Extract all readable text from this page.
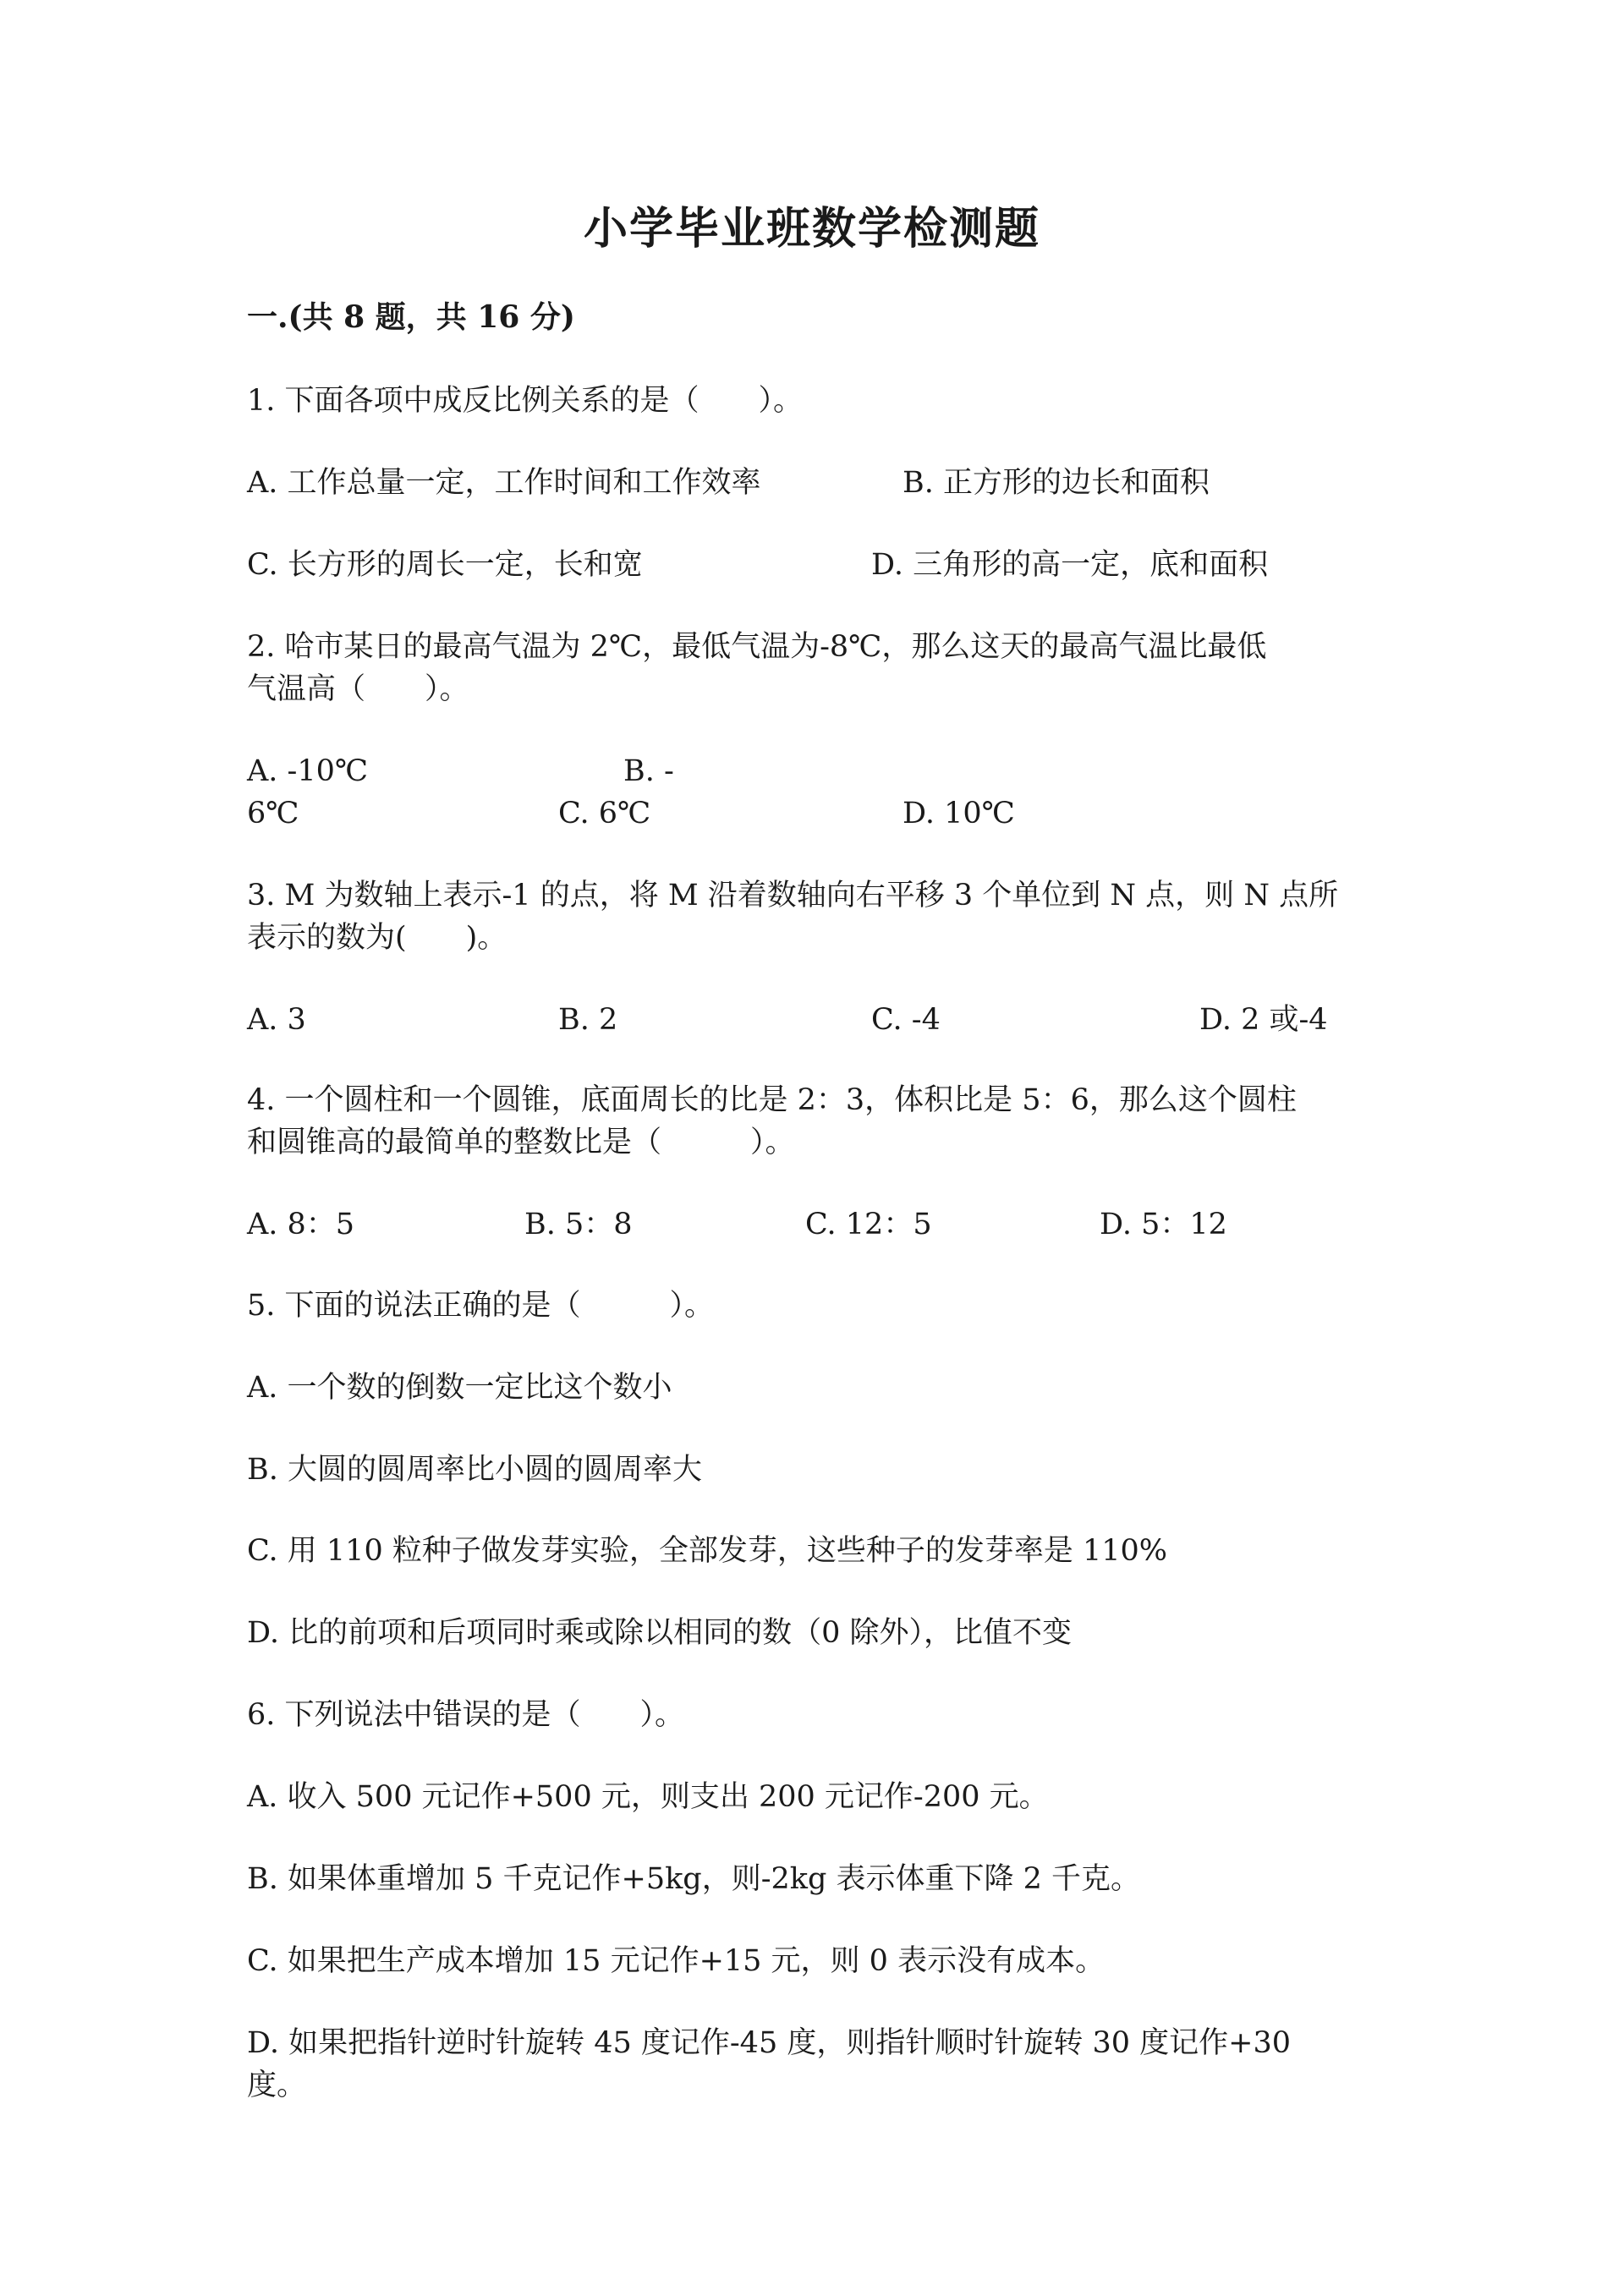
小学毕业班数学检测题
一.(共 8 题，共 16 分)
1. 下面各项中成反比例关系的是（　　）。
A. 工作总量一定，工作时间和工作效率	B. 正方形的边长和面积
C. 长方形的周长一定，长和宽	D. 三角形的高一定，底和面积
2. 哈市某日的最高气温为 2℃，最低气温为-8℃，那么这天的最高气温比最低
气温高（　　）。
A. -10℃	B. -
6℃	C. 6℃	D. 10℃
3. M 为数轴上表示-1 的点，将 M 沿着数轴向右平移 3 个单位到 N 点，则 N 点所
表示的数为(　　)。
A. 3	B. 2	C. -4	D. 2 或-4
4. 一个圆柱和一个圆锥，底面周长的比是 2：3，体积比是 5：6，那么这个圆柱
和圆锥高的最简单的整数比是（　　　）。
A. 8：5	B. 5：8	C. 12：5	D. 5：12
5. 下面的说法正确的是（　　　）。
A. 一个数的倒数一定比这个数小
B. 大圆的圆周率比小圆的圆周率大
C. 用 110 粒种子做发芽实验，全部发芽，这些种子的发芽率是 110%
D. 比的前项和后项同时乘或除以相同的数（0 除外），比值不变
6. 下列说法中错误的是（　　）。
A. 收入 500 元记作+500 元，则支出 200 元记作-200 元。
B. 如果体重增加 5 千克记作+5kg，则-2kg 表示体重下降 2 千克。
C. 如果把生产成本增加 15 元记作+15 元，则 0 表示没有成本。
D. 如果把指针逆时针旋转 45 度记作-45 度，则指针顺时针旋转 30 度记作+30
度。
